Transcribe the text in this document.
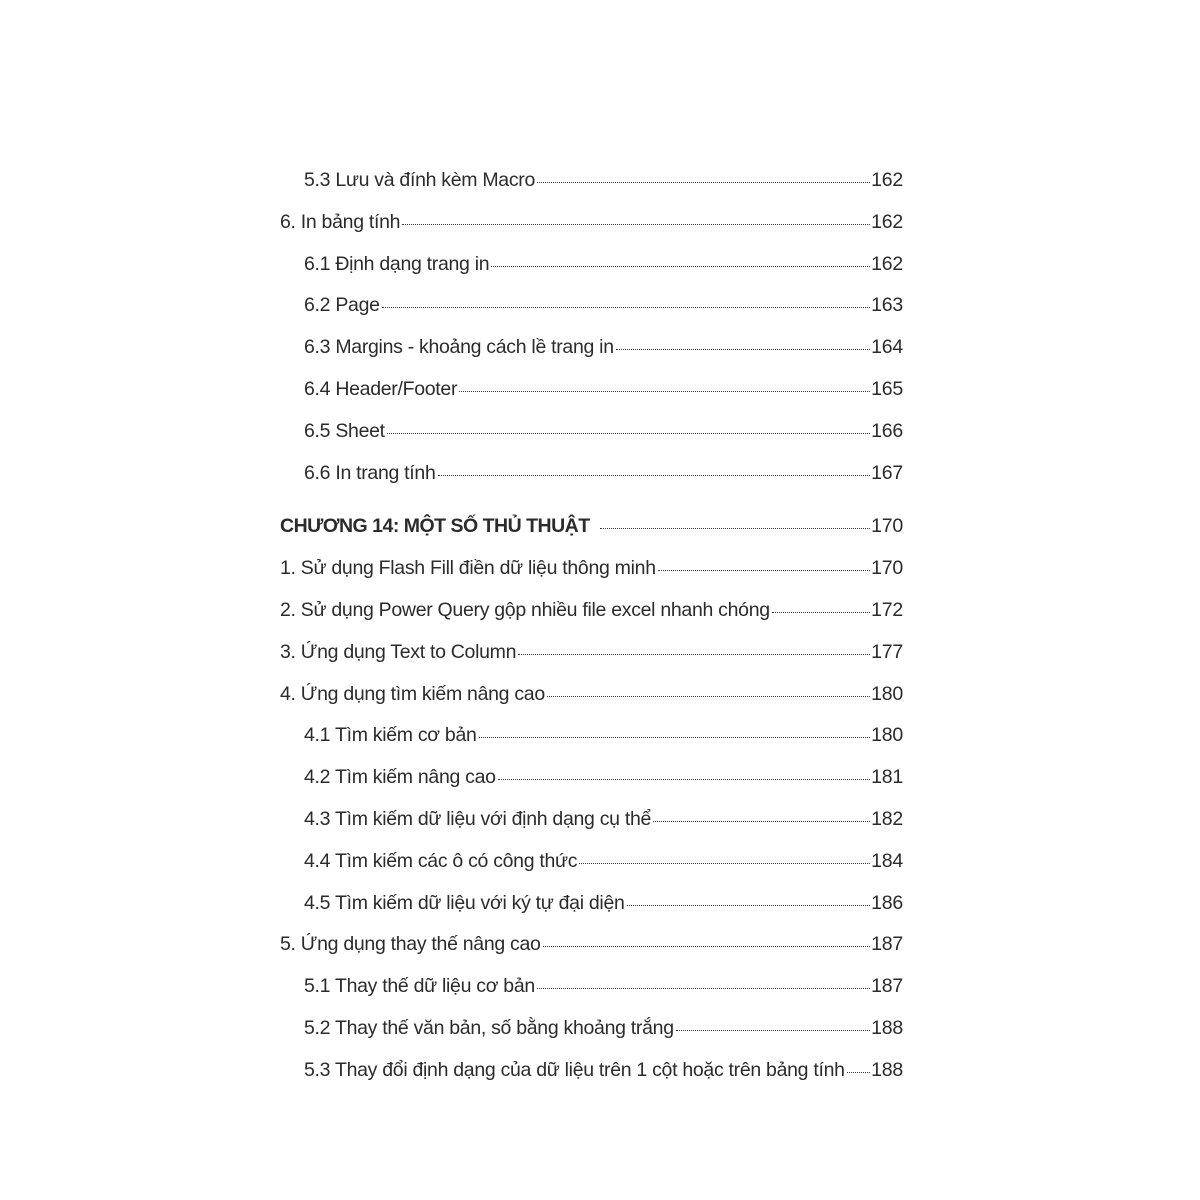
5.3 Lưu và đính kèm Macro	162
6. In bảng tính	162
6.1 Định dạng trang in	162
6.2 Page	163
6.3 Margins - khoảng cách lề trang in	164
6.4 Header/Footer	165
6.5 Sheet	166
6.6 In trang tính	167
CHƯƠNG 14: MỘT SỐ THỦ THUẬT	170
1. Sử dụng Flash Fill điền dữ liệu thông minh	170
2. Sử dụng Power Query gộp nhiều file excel nhanh chóng	172
3. Ứng dụng Text to Column	177
4. Ứng dụng tìm kiếm nâng cao	180
4.1 Tìm kiếm cơ bản	180
4.2 Tìm kiếm nâng cao	181
4.3 Tìm kiếm dữ liệu với định dạng cụ thể	182
4.4 Tìm kiếm các ô có công thức	184
4.5 Tìm kiếm dữ liệu với ký tự đại diện	186
5. Ứng dụng thay thế nâng cao	187
5.1 Thay thế dữ liệu cơ bản	187
5.2 Thay thế văn bản, số bằng khoảng trắng	188
5.3 Thay đổi định dạng của dữ liệu trên 1 cột hoặc trên bảng tính 188
